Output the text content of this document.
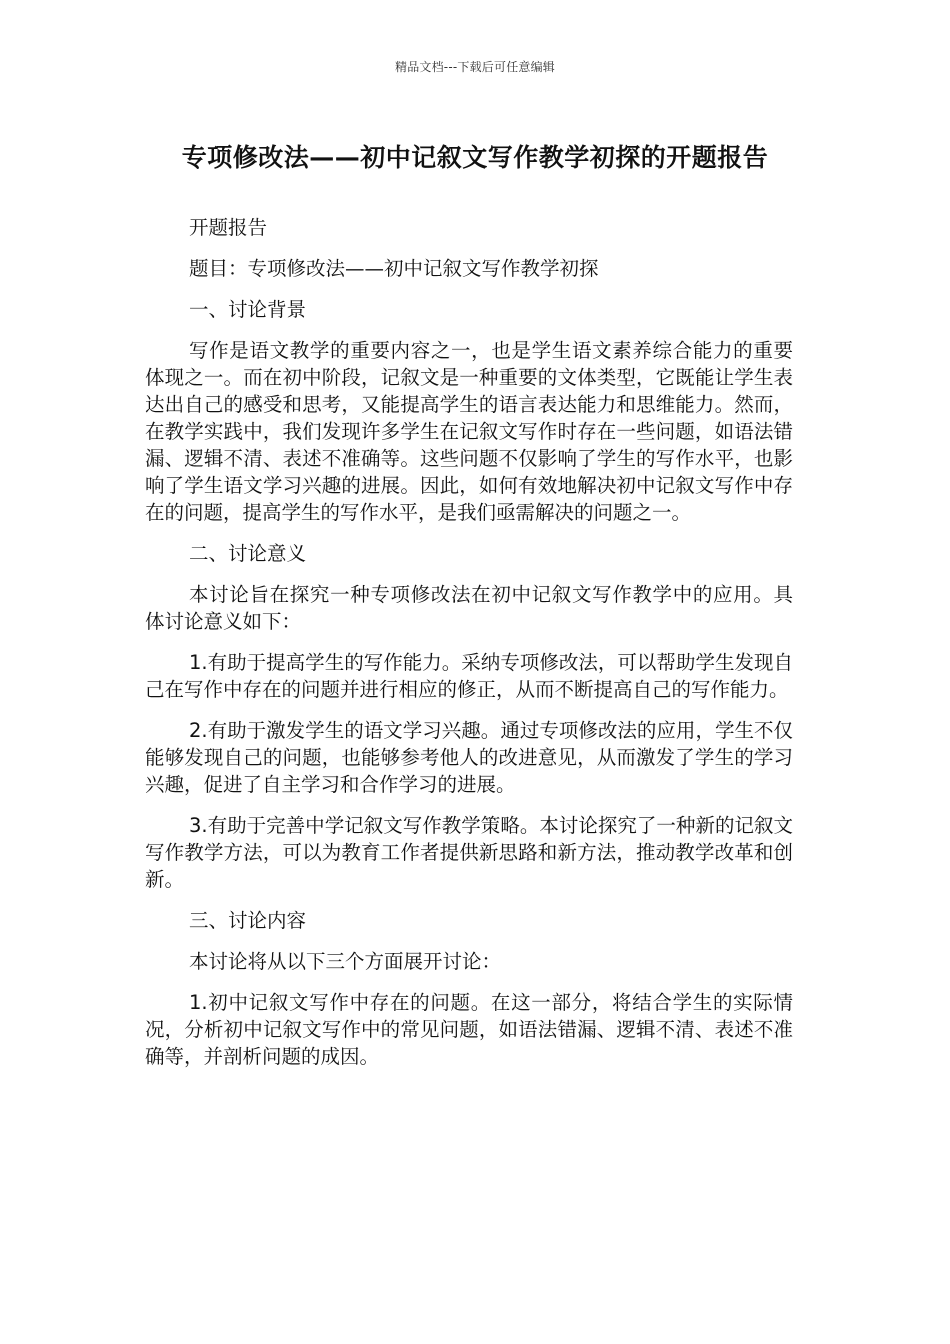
精品文档---下载后可任意编辑
专项修改法——初中记叙文写作教学初探的开题报告

开题报告

题目：专项修改法——初中记叙文写作教学初探

一、讨论背景

写作是语文教学的重要内容之一，也是学生语文素养综合能力的重要体现之一。而在初中阶段，记叙文是一种重要的文体类型，它既能让学生表达出自己的感受和思考，又能提高学生的语言表达能力和思维能力。然而，在教学实践中，我们发现许多学生在记叙文写作时存在一些问题，如语法错漏、逻辑不清、表述不准确等。这些问题不仅影响了学生的写作水平，也影响了学生语文学习兴趣的进展。因此，如何有效地解决初中记叙文写作中存在的问题，提高学生的写作水平，是我们亟需解决的问题之一。

二、讨论意义

本讨论旨在探究一种专项修改法在初中记叙文写作教学中的应用。具体讨论意义如下：

1.有助于提高学生的写作能力。采纳专项修改法，可以帮助学生发现自己在写作中存在的问题并进行相应的修正，从而不断提高自己的写作能力。

2.有助于激发学生的语文学习兴趣。通过专项修改法的应用，学生不仅能够发现自己的问题，也能够参考他人的改进意见，从而激发了学生的学习兴趣，促进了自主学习和合作学习的进展。

3.有助于完善中学记叙文写作教学策略。本讨论探究了一种新的记叙文写作教学方法，可以为教育工作者提供新思路和新方法，推动教学改革和创新。

三、讨论内容

本讨论将从以下三个方面展开讨论：

1.初中记叙文写作中存在的问题。在这一部分，将结合学生的实际情况，分析初中记叙文写作中的常见问题，如语法错漏、逻辑不清、表述不准确等，并剖析问题的成因。
